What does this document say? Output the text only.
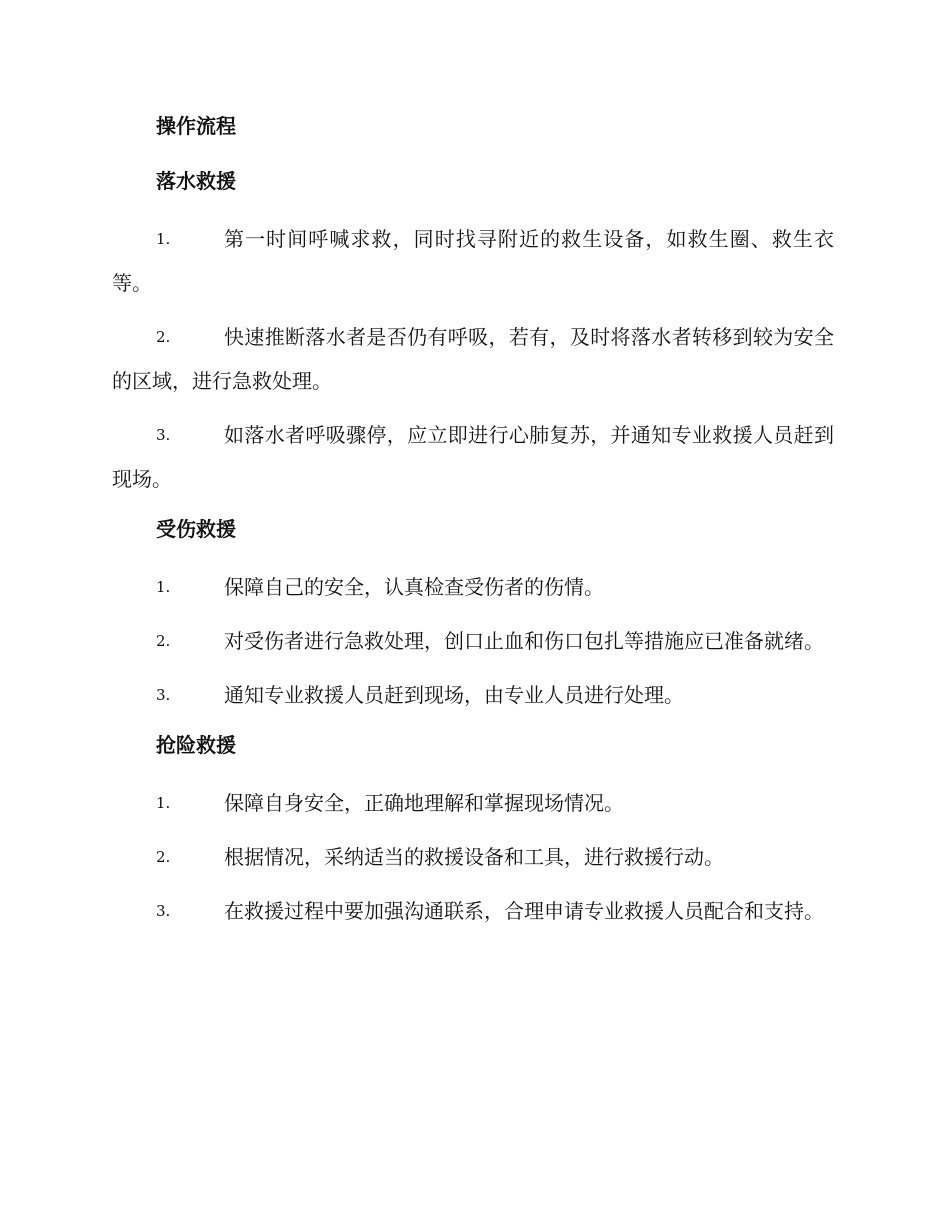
操作流程
落水救援
1.	第一时间呼喊求救，同时找寻附近的救生设备，如救生圈、救生衣等。
2.	快速推断落水者是否仍有呼吸，若有，及时将落水者转移到较为安全的区域，进行急救处理。
3.	如落水者呼吸骤停，应立即进行心肺复苏，并通知专业救援人员赶到现场。
受伤救援
1.	保障自己的安全，认真检查受伤者的伤情。
2.	对受伤者进行急救处理，创口止血和伤口包扎等措施应已准备就绪。
3.	通知专业救援人员赶到现场，由专业人员进行处理。
抢险救援
1.	保障自身安全，正确地理解和掌握现场情况。
2.	根据情况，采纳适当的救援设备和工具，进行救援行动。
3.	在救援过程中要加强沟通联系，合理申请专业救援人员配合和支持。
